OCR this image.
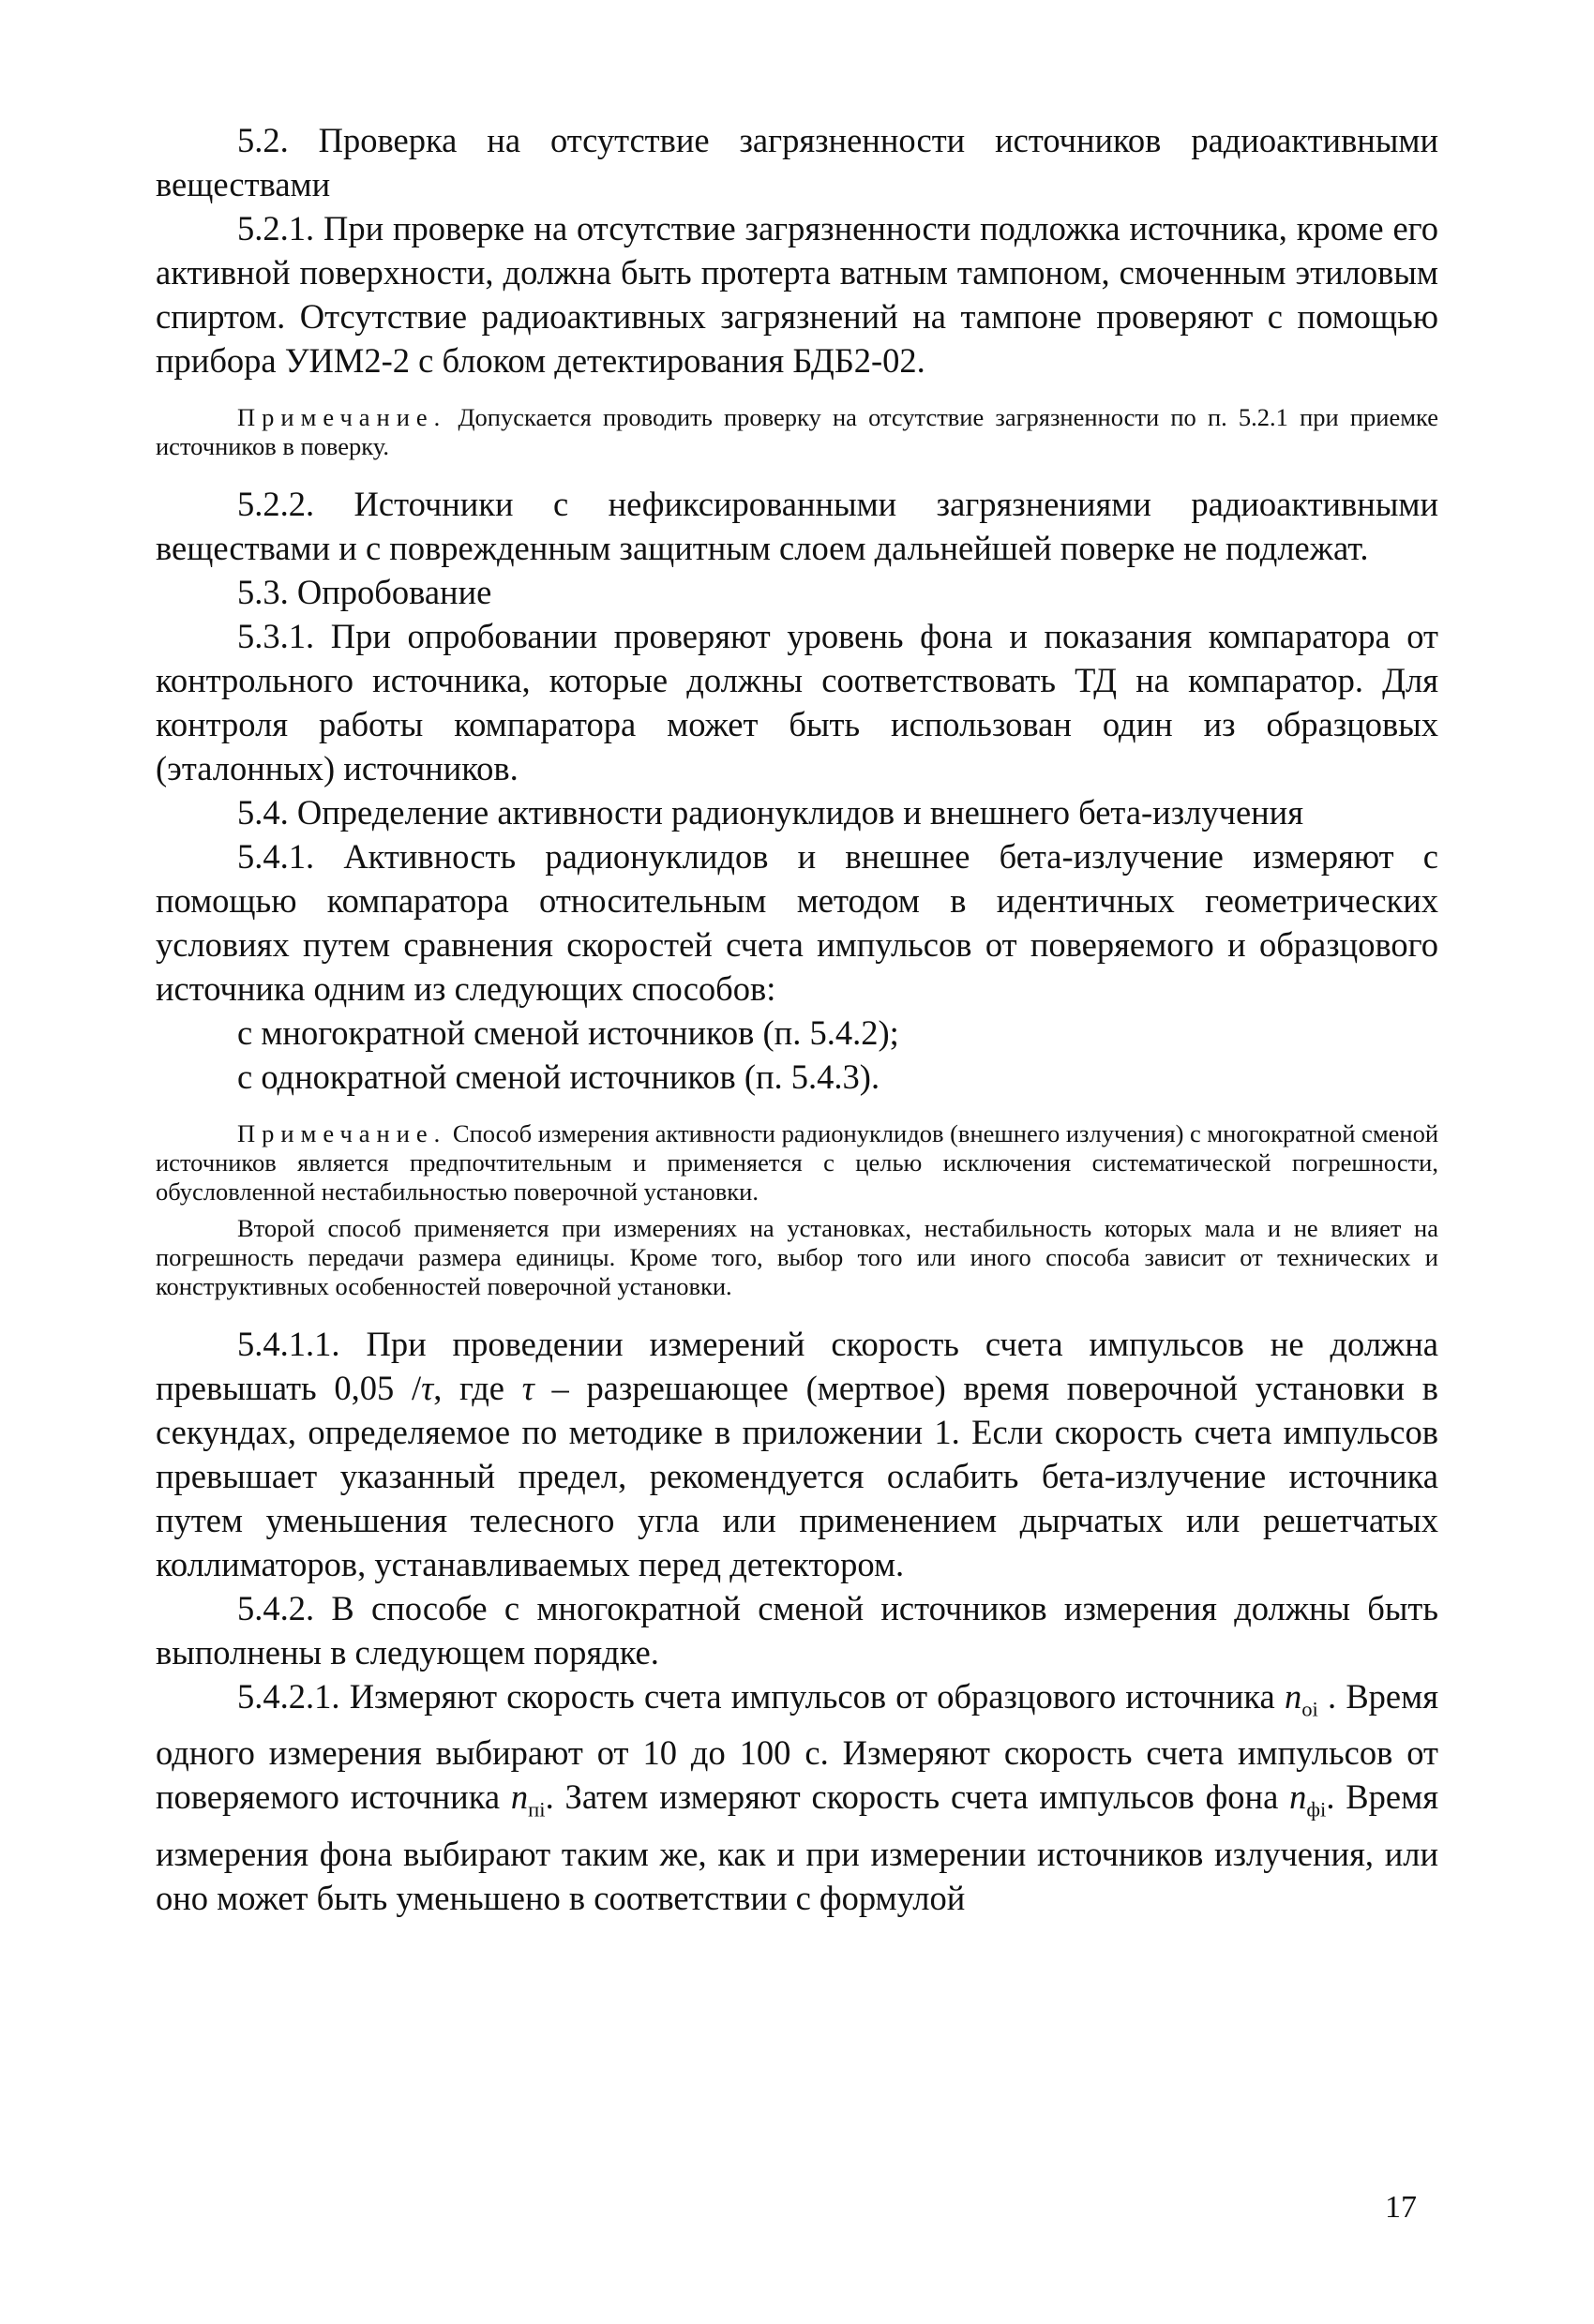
5.2. Проверка на отсутствие загрязненности источников радиоактивными веществами

5.2.1. При проверке на отсутствие загрязненности подложка источника, кроме его активной поверхности, должна быть протерта ватным тампоном, смоченным этиловым спиртом. Отсутствие радиоактивных загрязнений на тампоне проверяют с помощью прибора УИМ2-2 с блоком детектирования БДБ2-02.

Примечание. Допускается проводить проверку на отсутствие загрязненности по п. 5.2.1 при приемке источников в поверку.

5.2.2. Источники с нефиксированными загрязнениями радиоактивными веществами и с поврежденным защитным слоем дальнейшей поверке не подлежат.

5.3. Опробование

5.3.1. При опробовании проверяют уровень фона и показания компаратора от контрольного источника, которые должны соответствовать ТД на компаратор. Для контроля работы компаратора может быть использован один из образцовых (эталонных) источников.

5.4. Определение активности радионуклидов и внешнего бета-излучения

5.4.1. Активность радионуклидов и внешнее бета-излучение измеряют с помощью компаратора относительным методом в идентичных геометрических условиях путем сравнения скоростей счета импульсов от поверяемого и образцового источника одним из следующих способов:

с многократной сменой источников (п. 5.4.2);

с однократной сменой источников (п. 5.4.3).

Примечание. Способ измерения активности радионуклидов (внешнего излучения) с многократной сменой источников является предпочтительным и применяется с целью исключения систематической погрешности, обусловленной нестабильностью поверочной установки.

Второй способ применяется при измерениях на установках, нестабильность которых мала и не влияет на погрешность передачи размера единицы. Кроме того, выбор того или иного способа зависит от технических и конструктивных особенностей поверочной установки.

5.4.1.1. При проведении измерений скорость счета импульсов не должна превышать 0,05 /τ, где τ – разрешающее (мертвое) время поверочной установки в секундах, определяемое по методике в приложении 1. Если скорость счета импульсов превышает указанный предел, рекомендуется ослабить бета-излучение источника путем уменьшения телесного угла или применением дырчатых или решетчатых коллиматоров, устанавливаемых перед детектором.

5.4.2. В способе с многократной сменой источников измерения должны быть выполнены в следующем порядке.

5.4.2.1. Измеряют скорость счета импульсов от образцового источника $n_{оi}$ . Время одного измерения выбирают от 10 до 100 с. Измеряют скорость счета импульсов от поверяемого источника $n_{пi}$. Затем измеряют скорость счета импульсов фона $n_{фi}$. Время измерения фона выбирают таким же, как и при измерении источников излучения, или оно может быть уменьшено в соответствии с формулой

17
